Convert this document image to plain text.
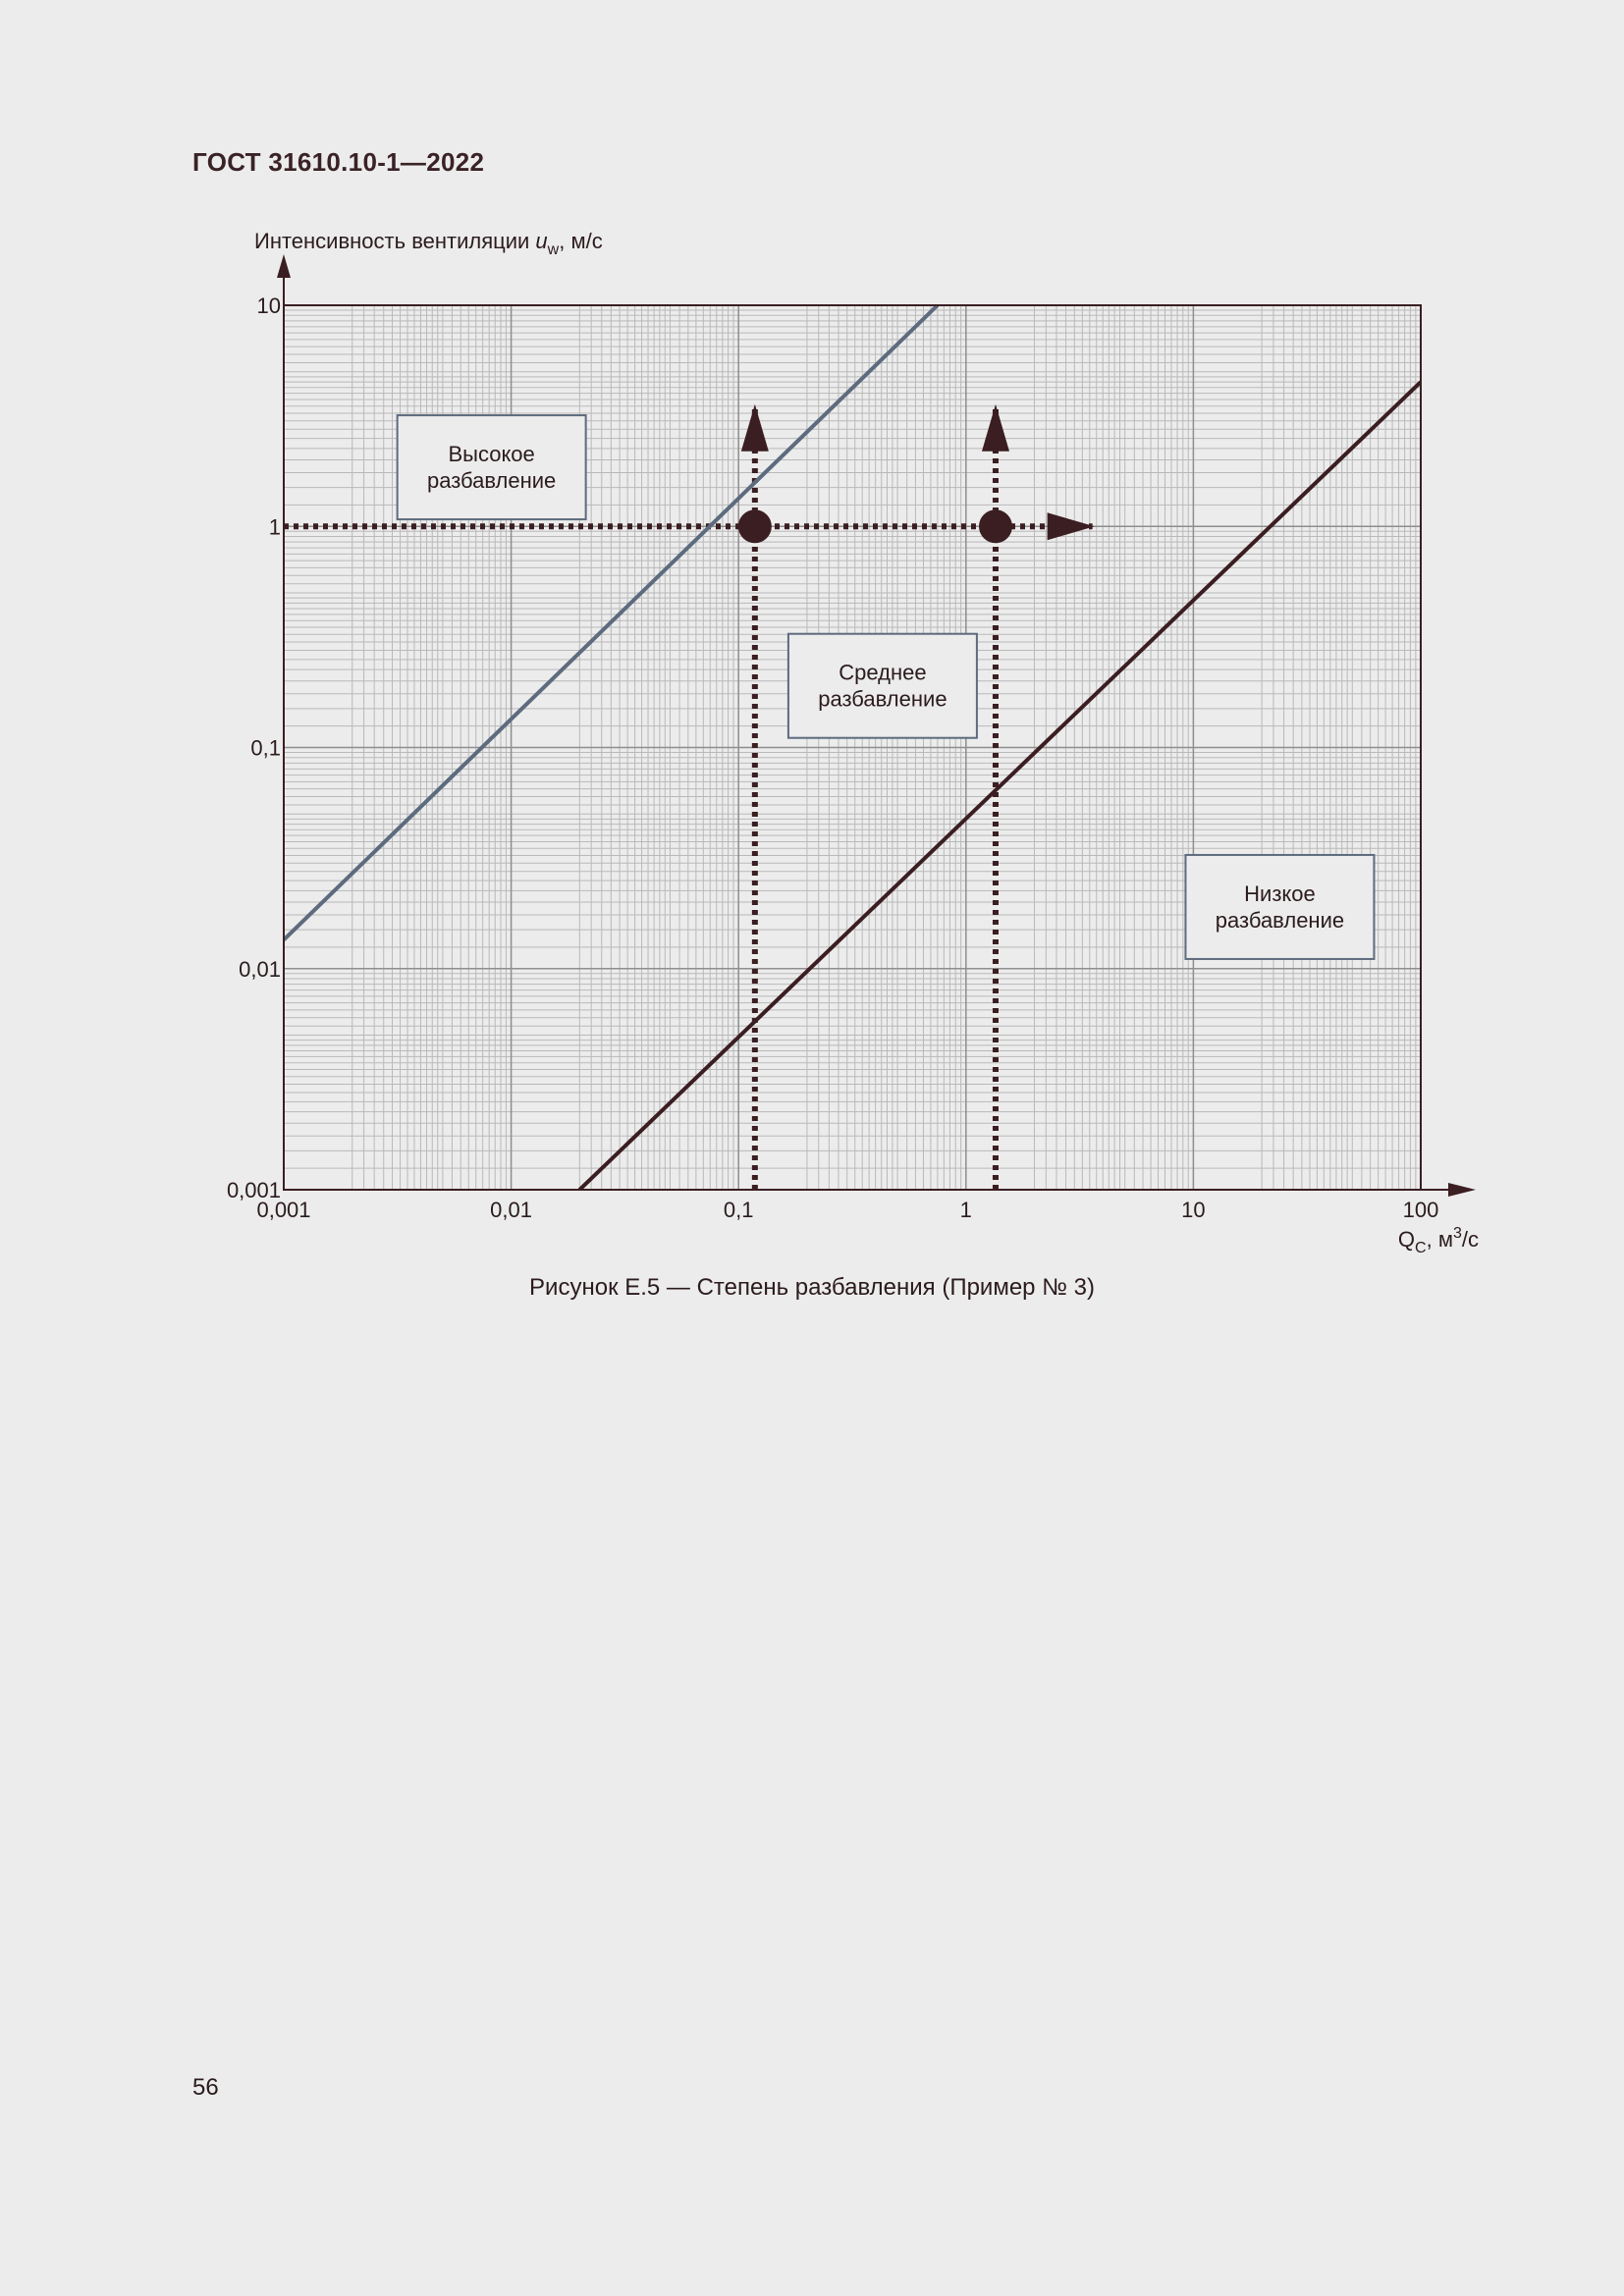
ГОСТ 31610.10-1—2022
Высокое
разбавление
Среднее
разбавление
Низкое
разбавление
0,001	0,01	0,1	1	10	100
0,001
0,01
0,1
1
10
Интенсивность вентиляции $u_w$, м/с
$Q_C$, $м^3/с$
Рисунок Е.5 — Степень разбавления (Пример № 3)
56
